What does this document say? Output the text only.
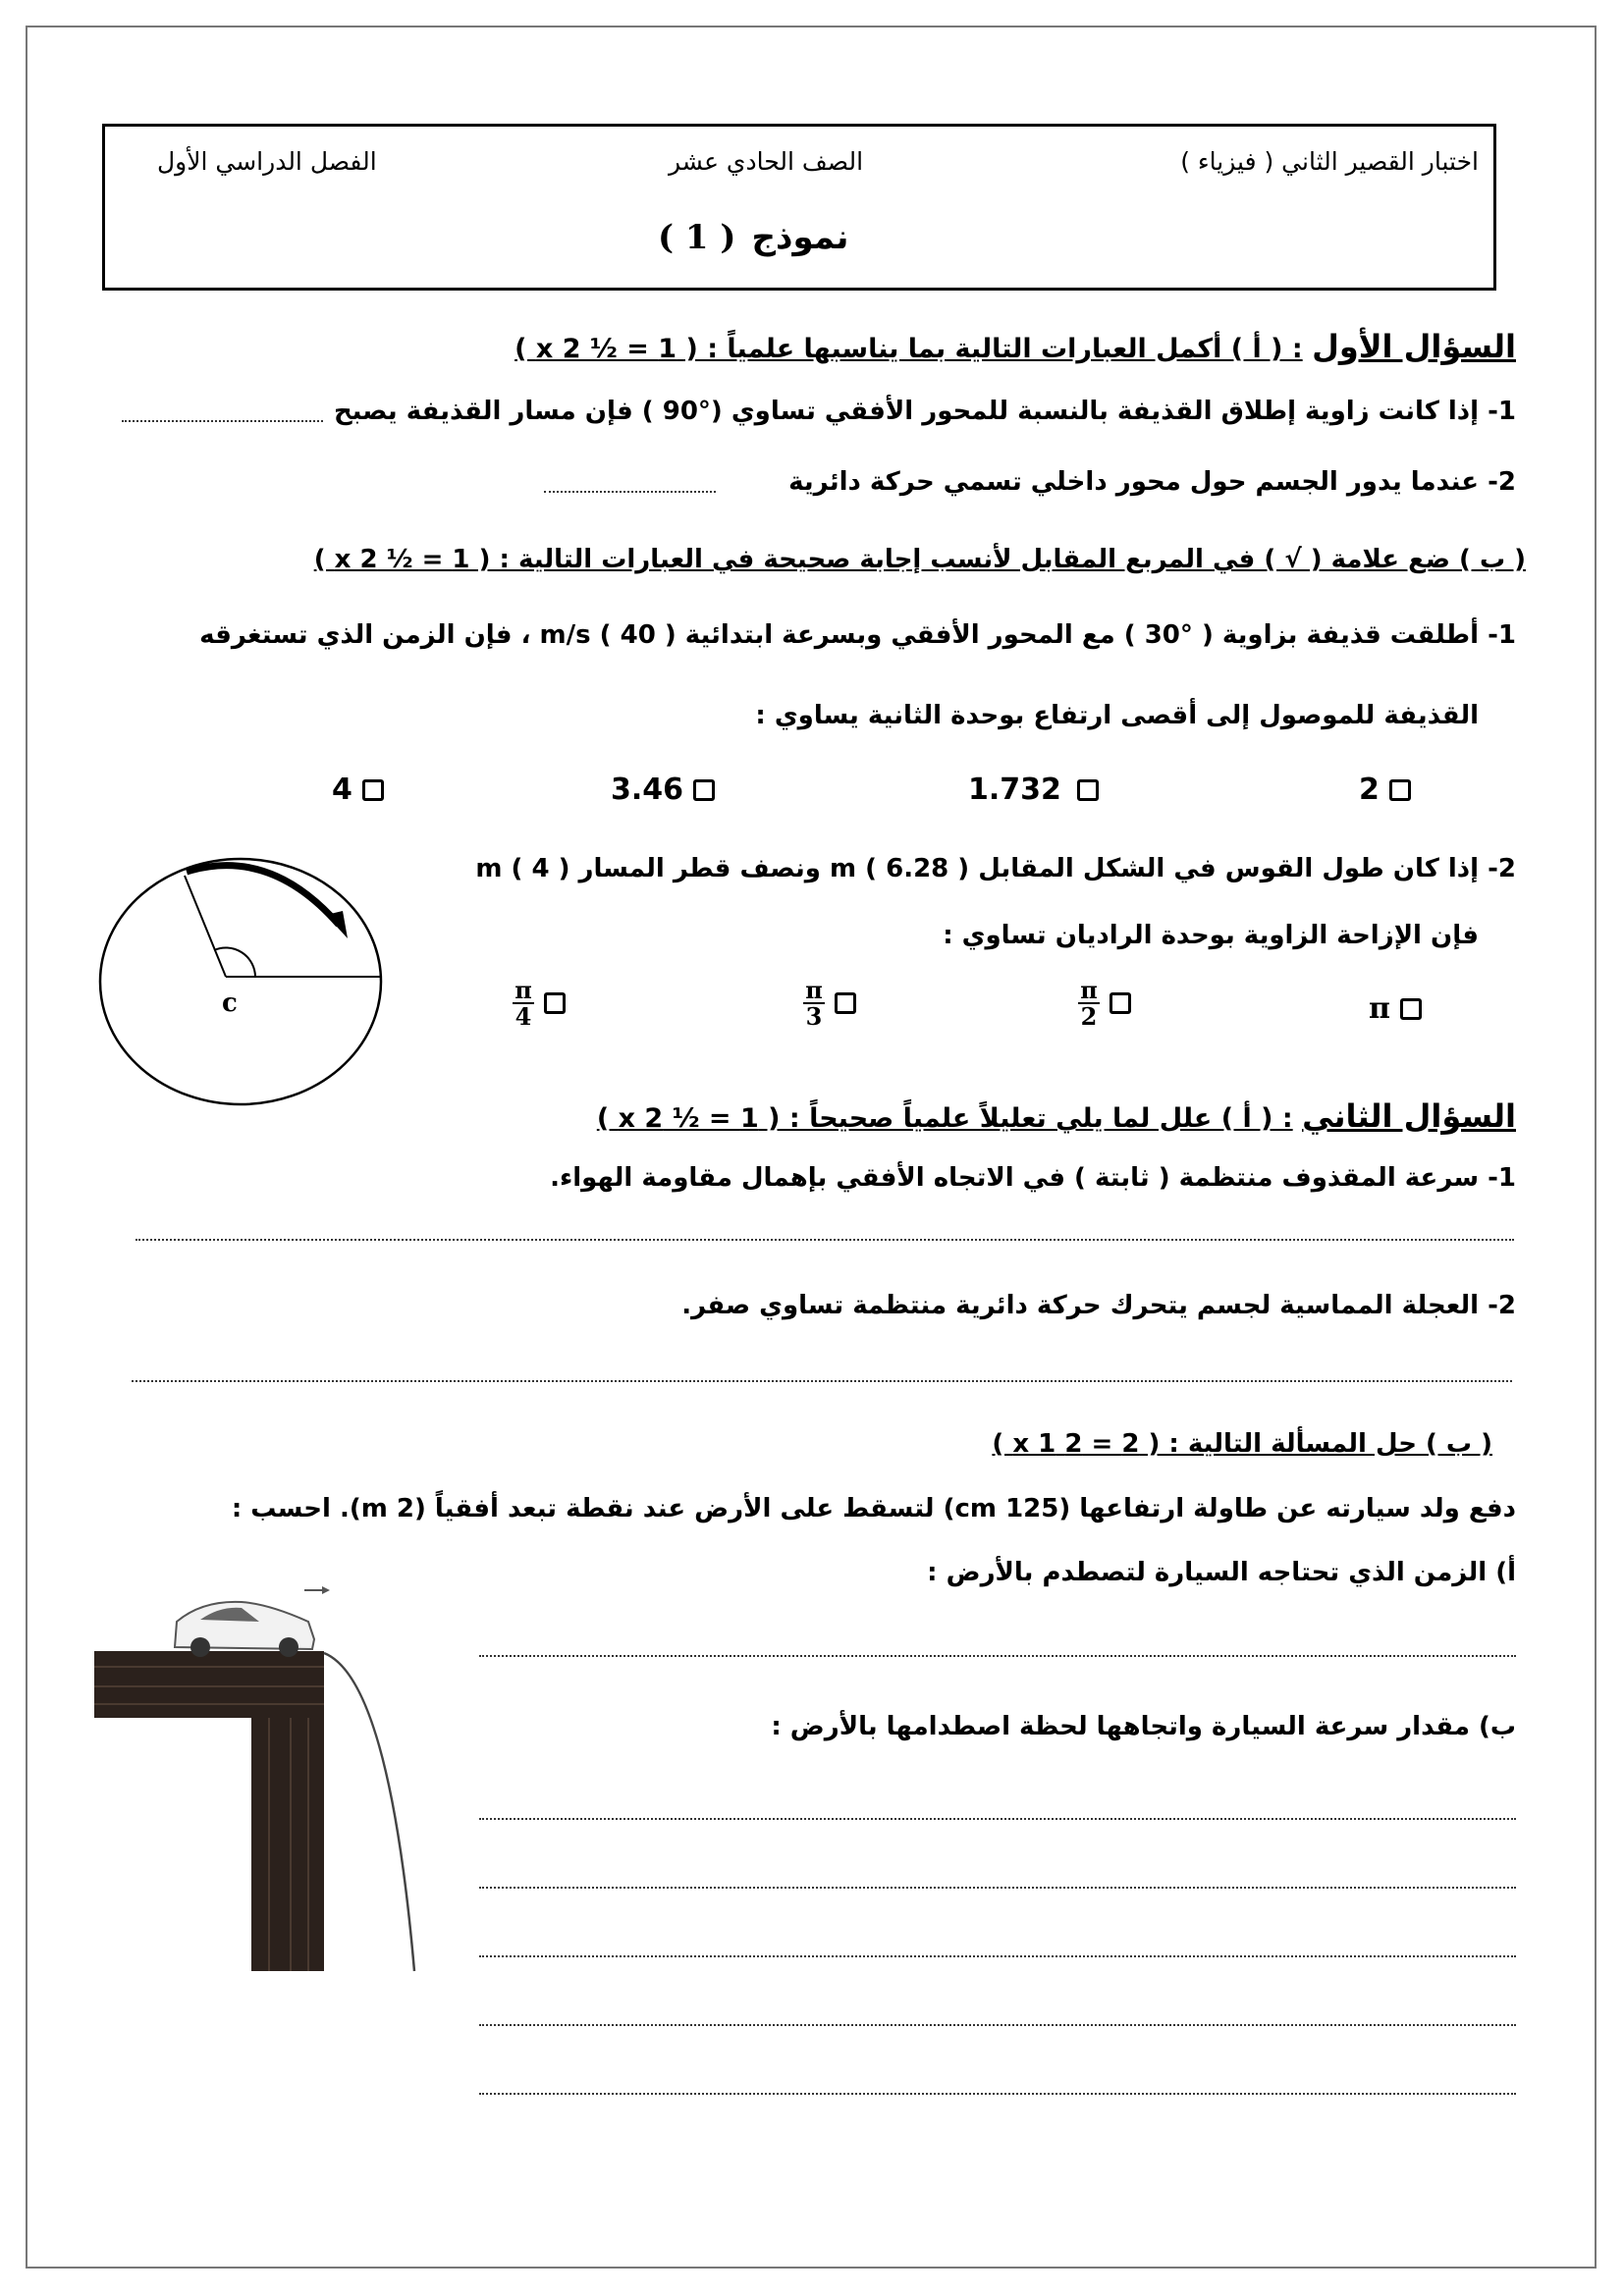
اختبار القصير الثاني ( فيزياء )
الصف الحادي عشر
الفصل الدراسي الأول
( 1 ) نموذج
السؤال الأول : ( أ ) أكمل العبارات التالية بما يناسبها علمياً : ( 1 = ½ x 2 )
1- إذا كانت زاوية إطلاق القذيفة بالنسبة للمحور الأفقي تساوي (°90 ) فإن مسار القذيفة يصبح
2- عندما يدور الجسم حول محور داخلي تسمي حركة دائرية
( ب ) ضع علامة ( √ ) في المربع المقابل لأنسب إجابة صحيحة في العبارات التالية : ( 1 = ½ x 2 )
1- أطلقت قذيفة بزاوية ( °30 ) مع المحور الأفقي وبسرعة ابتدائية m/s ( 40 ) ، فإن الزمن الذي تستغرقه
القذيفة للموصول إلى أقصى ارتفاع بوحدة الثانية يساوي :
2
1.732
3.46
4
2- إذا كان طول القوس في الشكل المقابل m ( 6.28 ) ونصف قطر المسار m ( 4 )
فإن الإزاحة الزاوية بوحدة الراديان تساوي :
c	π
$\frac{\pi}{2}$
$\frac{\pi}{3}$
$\frac{\pi}{4}$
السؤال الثاني : ( أ ) علل لما يلي تعليلاً علمياً صحيحاً : ( 1 = ½ x 2 )
1- سرعة المقذوف منتظمة ( ثابتة ) في الاتجاه الأفقي بإهمال مقاومة الهواء.
2- العجلة المماسية لجسم يتحرك حركة دائرية منتظمة تساوي صفر.
( ب ) حل المسألة التالية : ( 2 = 2 x 1 )
دفع ولد سيارته عن طاولة ارتفاعها (125 cm) لتسقط على الأرض عند نقطة تبعد أفقياً (2 m). احسب :
أ) الزمن الذي تحتاجه السيارة لتصطدم بالأرض :
ب) مقدار سرعة السيارة واتجاهها لحظة اصطدامها بالأرض :
